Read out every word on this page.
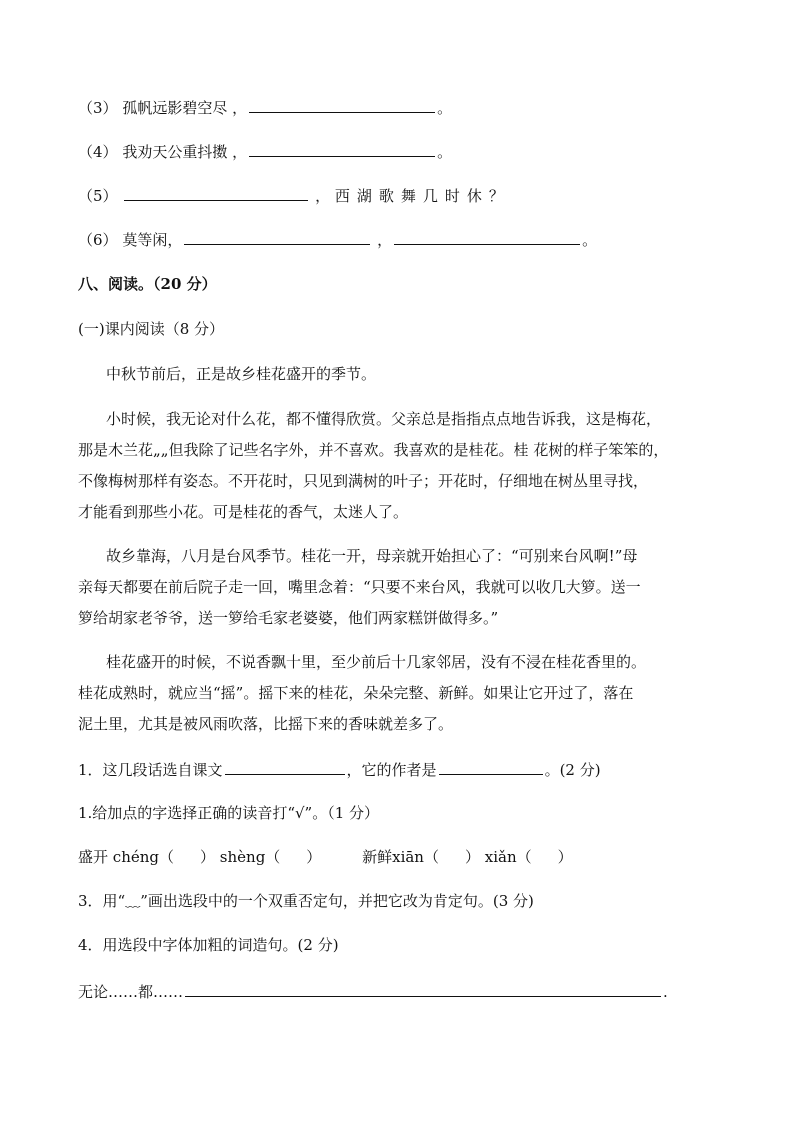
（3） 孤帆远影碧空尽 ，	。
（4） 我劝天公重抖擞 ，	。
（5）	， 西湖歌舞几时休？
（6） 莫等闲，	，	。
八、阅读。（20 分）
(一)课内阅读（8 分）
中秋节前后，正是故乡桂花盛开的季节。
小时候，我无论对什么花，都不懂得欣赏。父亲总是指指点点地告诉我，这是梅花，
那是木兰花„„但我除了记些名字外，并不喜欢。我喜欢的是桂花。桂 花树的样子笨笨的，
不像梅树那样有姿态。不开花时，只见到满树的叶子；开花时，仔细地在树丛里寻找，
才能看到那些小花。可是桂花的香气，太迷人了。
故乡靠海，八月是台风季节。桂花一开，母亲就开始担心了：“可别来台风啊!”母
亲每天都要在前后院子走一回，嘴里念着：“只要不来台风，我就可以收几大箩。送一
箩给胡家老爷爷，送一箩给毛家老婆婆，他们两家糕饼做得多。”
桂花盛开的时候，不说香飘十里，至少前后十几家邻居，没有不浸在桂花香里的。
桂花成熟时，就应当“摇”。摇下来的桂花，朵朵完整、新鲜。如果让它开过了，落在
泥土里，尤其是被风雨吹落，比摇下来的香味就差多了。
1．这几段话选自课文	，它的作者是	。(2 分)
1.给加点的字选择正确的读音打“√”。（1 分）
盛开 chéng（ ） shèng（ ）	新鲜xiān（ ） xiǎn（ ）
3．用“﹏”画出选段中的一个双重否定句，并把它改为肯定句。(3 分)
4．用选段中字体加粗的词造句。(2 分)
无论……都……	.
